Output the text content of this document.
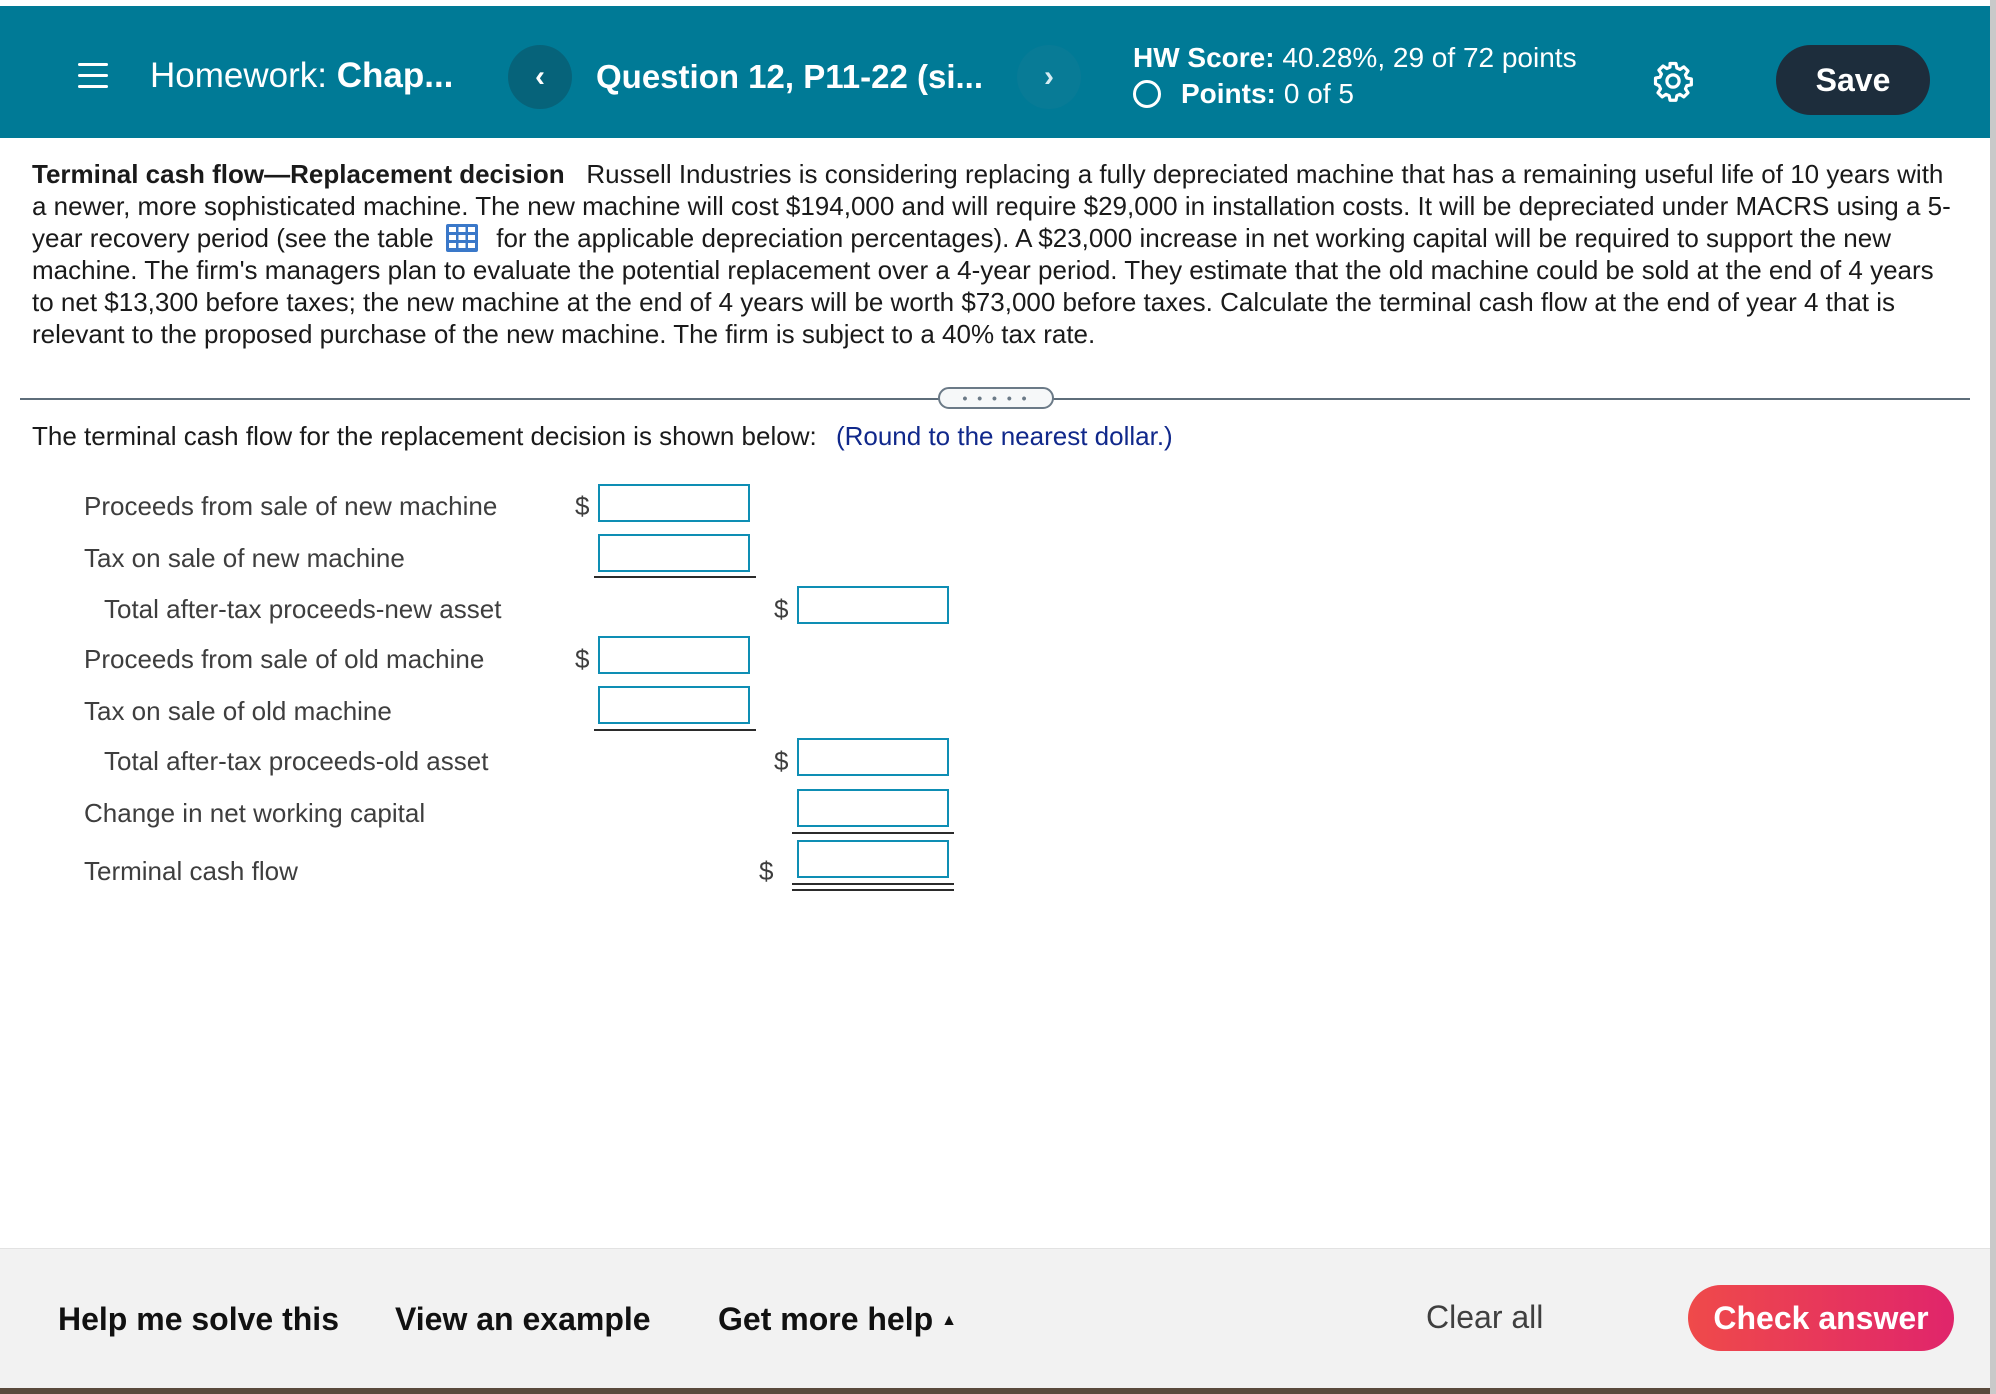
Homework: Chap...	‹ Question 12, P11-22 (si... ›
HW Score: 40.28%, 29 of 72 points
Points: 0 of 5	Save
Terminal cash flow—Replacement decision Russell Industries is considering replacing a fully depreciated machine that has a remaining useful life of 10 years with a newer, more sophisticated machine. The new machine will cost $194,000 and will require $29,000 in installation costs. It will be depreciated under MACRS using a 5-year recovery period (see the table for the applicable depreciation percentages). A $23,000 increase in net working capital will be required to support the new machine. The firm's managers plan to evaluate the potential replacement over a 4-year period. They estimate that the old machine could be sold at the end of 4 years to net $13,300 before taxes; the new machine at the end of 4 years will be worth $73,000 before taxes. Calculate the terminal cash flow at the end of year 4 that is relevant to the proposed purchase of the new machine. The firm is subject to a 40% tax rate.
• • • • •
The terminal cash flow for the replacement decision is shown below: (Round to the nearest dollar.)
Proceeds from sale of new machine	$
Tax on sale of new machine
Total after-tax proceeds-new asset	$
Proceeds from sale of old machine	$
Tax on sale of old machine
Total after-tax proceeds-old asset	$
Change in net working capital
Terminal cash flow	$
Help me solve this View an example Get more help ▲	Clear all	Check answer
